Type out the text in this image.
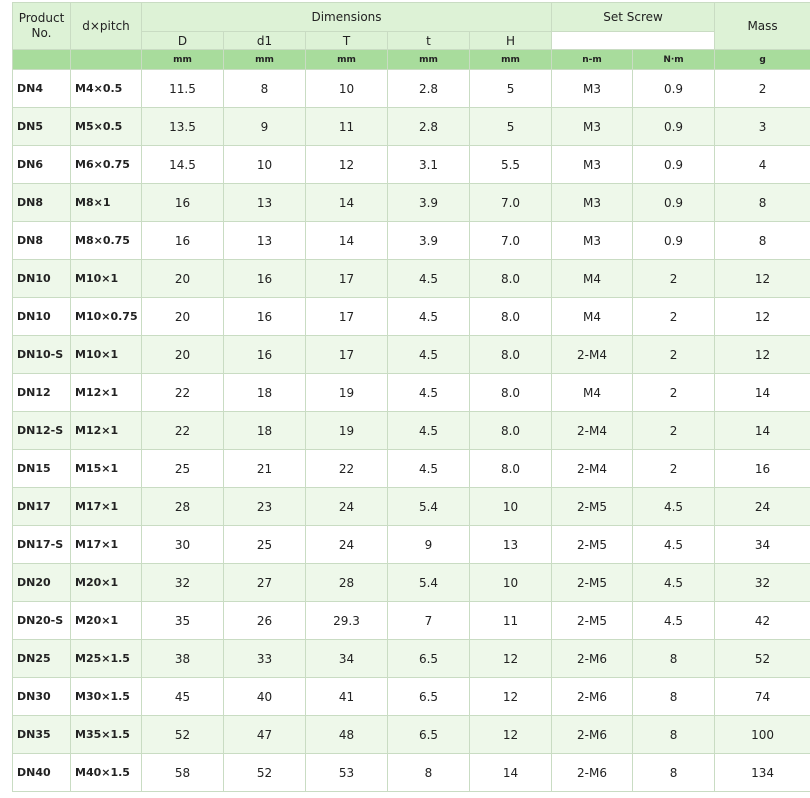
Product
No.	d×pitch	Dimensions					Set Screw		Mass
		D	d1	T	t	H			
		mm	mm	mm	mm	mm	n-m	N·m	g
DN4	M4×0.5	11.5	8	10	2.8	5	M3	0.9	2
DN5	M5×0.5	13.5	9	11	2.8	5	M3	0.9	3
DN6	M6×0.75	14.5	10	12	3.1	5.5	M3	0.9	4
DN8	M8×1	16	13	14	3.9	7.0	M3	0.9	8
DN8	M8×0.75	16	13	14	3.9	7.0	M3	0.9	8
DN10	M10×1	20	16	17	4.5	8.0	M4	2	12
DN10	M10×0.75	20	16	17	4.5	8.0	M4	2	12
DN10-S	M10×1	20	16	17	4.5	8.0	2-M4	2	12
DN12	M12×1	22	18	19	4.5	8.0	M4	2	14
DN12-S	M12×1	22	18	19	4.5	8.0	2-M4	2	14
DN15	M15×1	25	21	22	4.5	8.0	2-M4	2	16
DN17	M17×1	28	23	24	5.4	10	2-M5	4.5	24
DN17-S	M17×1	30	25	24	9	13	2-M5	4.5	34
DN20	M20×1	32	27	28	5.4	10	2-M5	4.5	32
DN20-S	M20×1	35	26	29.3	7	11	2-M5	4.5	42
DN25	M25×1.5	38	33	34	6.5	12	2-M6	8	52
DN30	M30×1.5	45	40	41	6.5	12	2-M6	8	74
DN35	M35×1.5	52	47	48	6.5	12	2-M6	8	100
DN40	M40×1.5	58	52	53	8	14	2-M6	8	134
